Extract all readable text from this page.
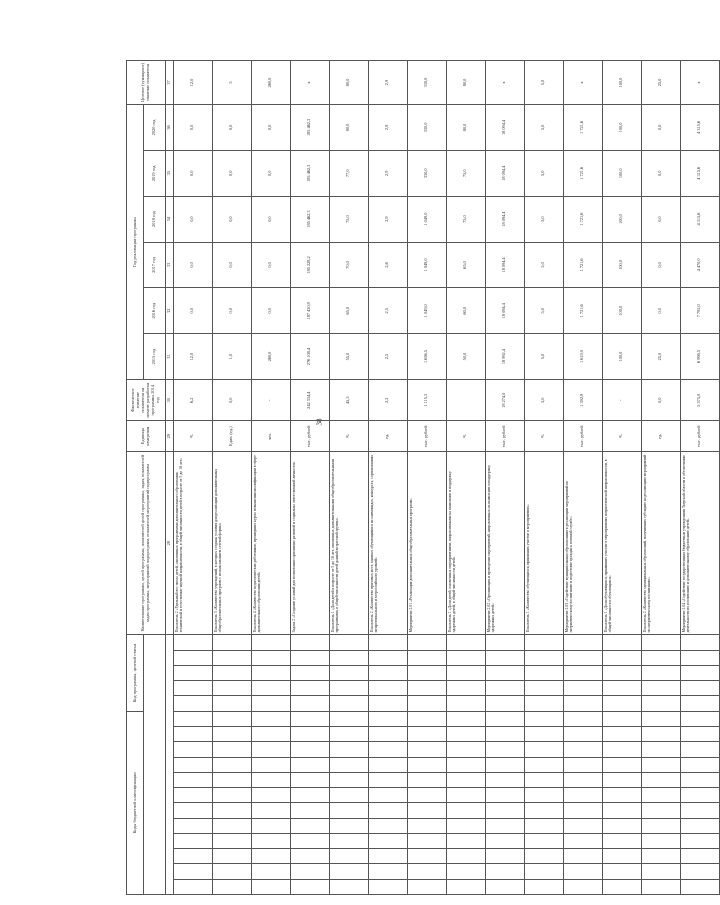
38
Коды бюджетной классификации												Код программы, целевой статьи					Наименование программы, целей программы, показателей целей программы, задач, показателей задач программы, мероприятий подпрограмм, показателей мероприятий подпрограмм	Единица измерения	Фактическое значение показателя на момент разработки программы 2014 год	Год реализации программы						Целевое (суммарное) значение показателя
																				2015 год	2016 год	2017 год	2018 год	2019 год	2020 год	
																	28	29	30	31	32	33	34	35	36	37
																	Показатель 2 «Удельный вес числа детей, охваченных программами дополнительного образования технической и естественно-научной направленности, в общей численности детей в возрасте от 5 до 18 лет»	%	6,2	12,0	0,0	0,0	0,0	0,0	0,0	12,0
																	Показатель 3 «Количество учреждений, в которых созданы условия для реализации дополнительных общеобразовательных программ с использованием сетевой формы»	Един. (ед.)	0,0	1,0	0,0	0,0	0,0	0,0	0,0	5
																	Показатель 4 «Количество педагогических работников, прошедших курсы повышения квалификации в сфере дополнительного образования детей»	чел.	-	260,0	0,0	0,0	0,0	0,0	0,0	260,0
																	Задача 2 «Создание условий для воспитания гармонично развитой и социально ответственной личности»	тыс. рублей	242 334,4	276 108,4	187 430,9	185 228,2	185 462,3	185 462,3	185 462,3	х
																	Показатель 1 «Доля детей в возрасте от 5 до 18 лет, охваченных дополнительными общеобразовательными программами, в общей численности детей данной возрастной группы»	%	45,5	55,0	65,0	70,0	75,0	77,0	80,0	80,0
																	Показатель 2 «Количество призовых мест, занятых обучающимися на олимпиадах, конкурсах, соревнованиях межрегионального и всероссийского уровней»	ед.	2,2	2,5	2,5	2,6	2,9	2,9	2,9	2,9
																	Мероприятие 2.01 «Реализация дополнительных общеобразовательных программ»	тыс. рублей	1 115,3	1 656,5	1 049,0	1 049,0	1 049,0	330,0	330,0	330,0
																	Показатель 1 «Доля детей, охваченных мероприятиями, направленными на выявление и поддержку одаренных детей, в общей численности детей»	%		50,0	60,0	65,0	75,0	75,0	80,0	80,0
																	Мероприятие 2.02 «Организация и проведение мероприятий, направленных на выявление и поддержку одаренных детей»	тыс. рублей	18 274,0	18 992,4	18 094,4	18 094,4	18 094,4	18 094,4	18 094,4	х
																	Показатель 1 «Количество обучающихся, принявших участие в мероприятиях»	%	5,0	5,0	5,0	5,0	5,0	5,0	5,0	5,0
																	Мероприятие 2.03 «Содействие муниципальным образованиям в реализации мероприятий по патриотическому воспитанию и подготовке граждан к военной службе»	тыс. рублей	1 392,9	1 619,0	1 721,6	1 721,6	1 721,6	1 721,6	1 721,6	х
																	Показатель 1 «Доля обучающихся, принявших участие в мероприятиях патриотической направленности, в общей численности обучающихся»	%	-	100,0	100,0	100,0	100,0	100,0	100,0	100,0
																	Показатель 2 «Количество муниципальных образований, получивших субсидию на реализацию мероприятий по патриотическому воспитанию»	ед.	0,0	25,0	0,0	0,0	0,0	0,0	0,0	25,0
																	Мероприятие 2.04 «Содействие государственным бюджетным учреждениям Тверской области в обеспечении деятельности по воспитанию и дополнительному образованию детей»	тыс. рублей	5 575,0	6 998,5	7 792,0	4 470,0	4 315,6	4 315,6	4 315,6	х
